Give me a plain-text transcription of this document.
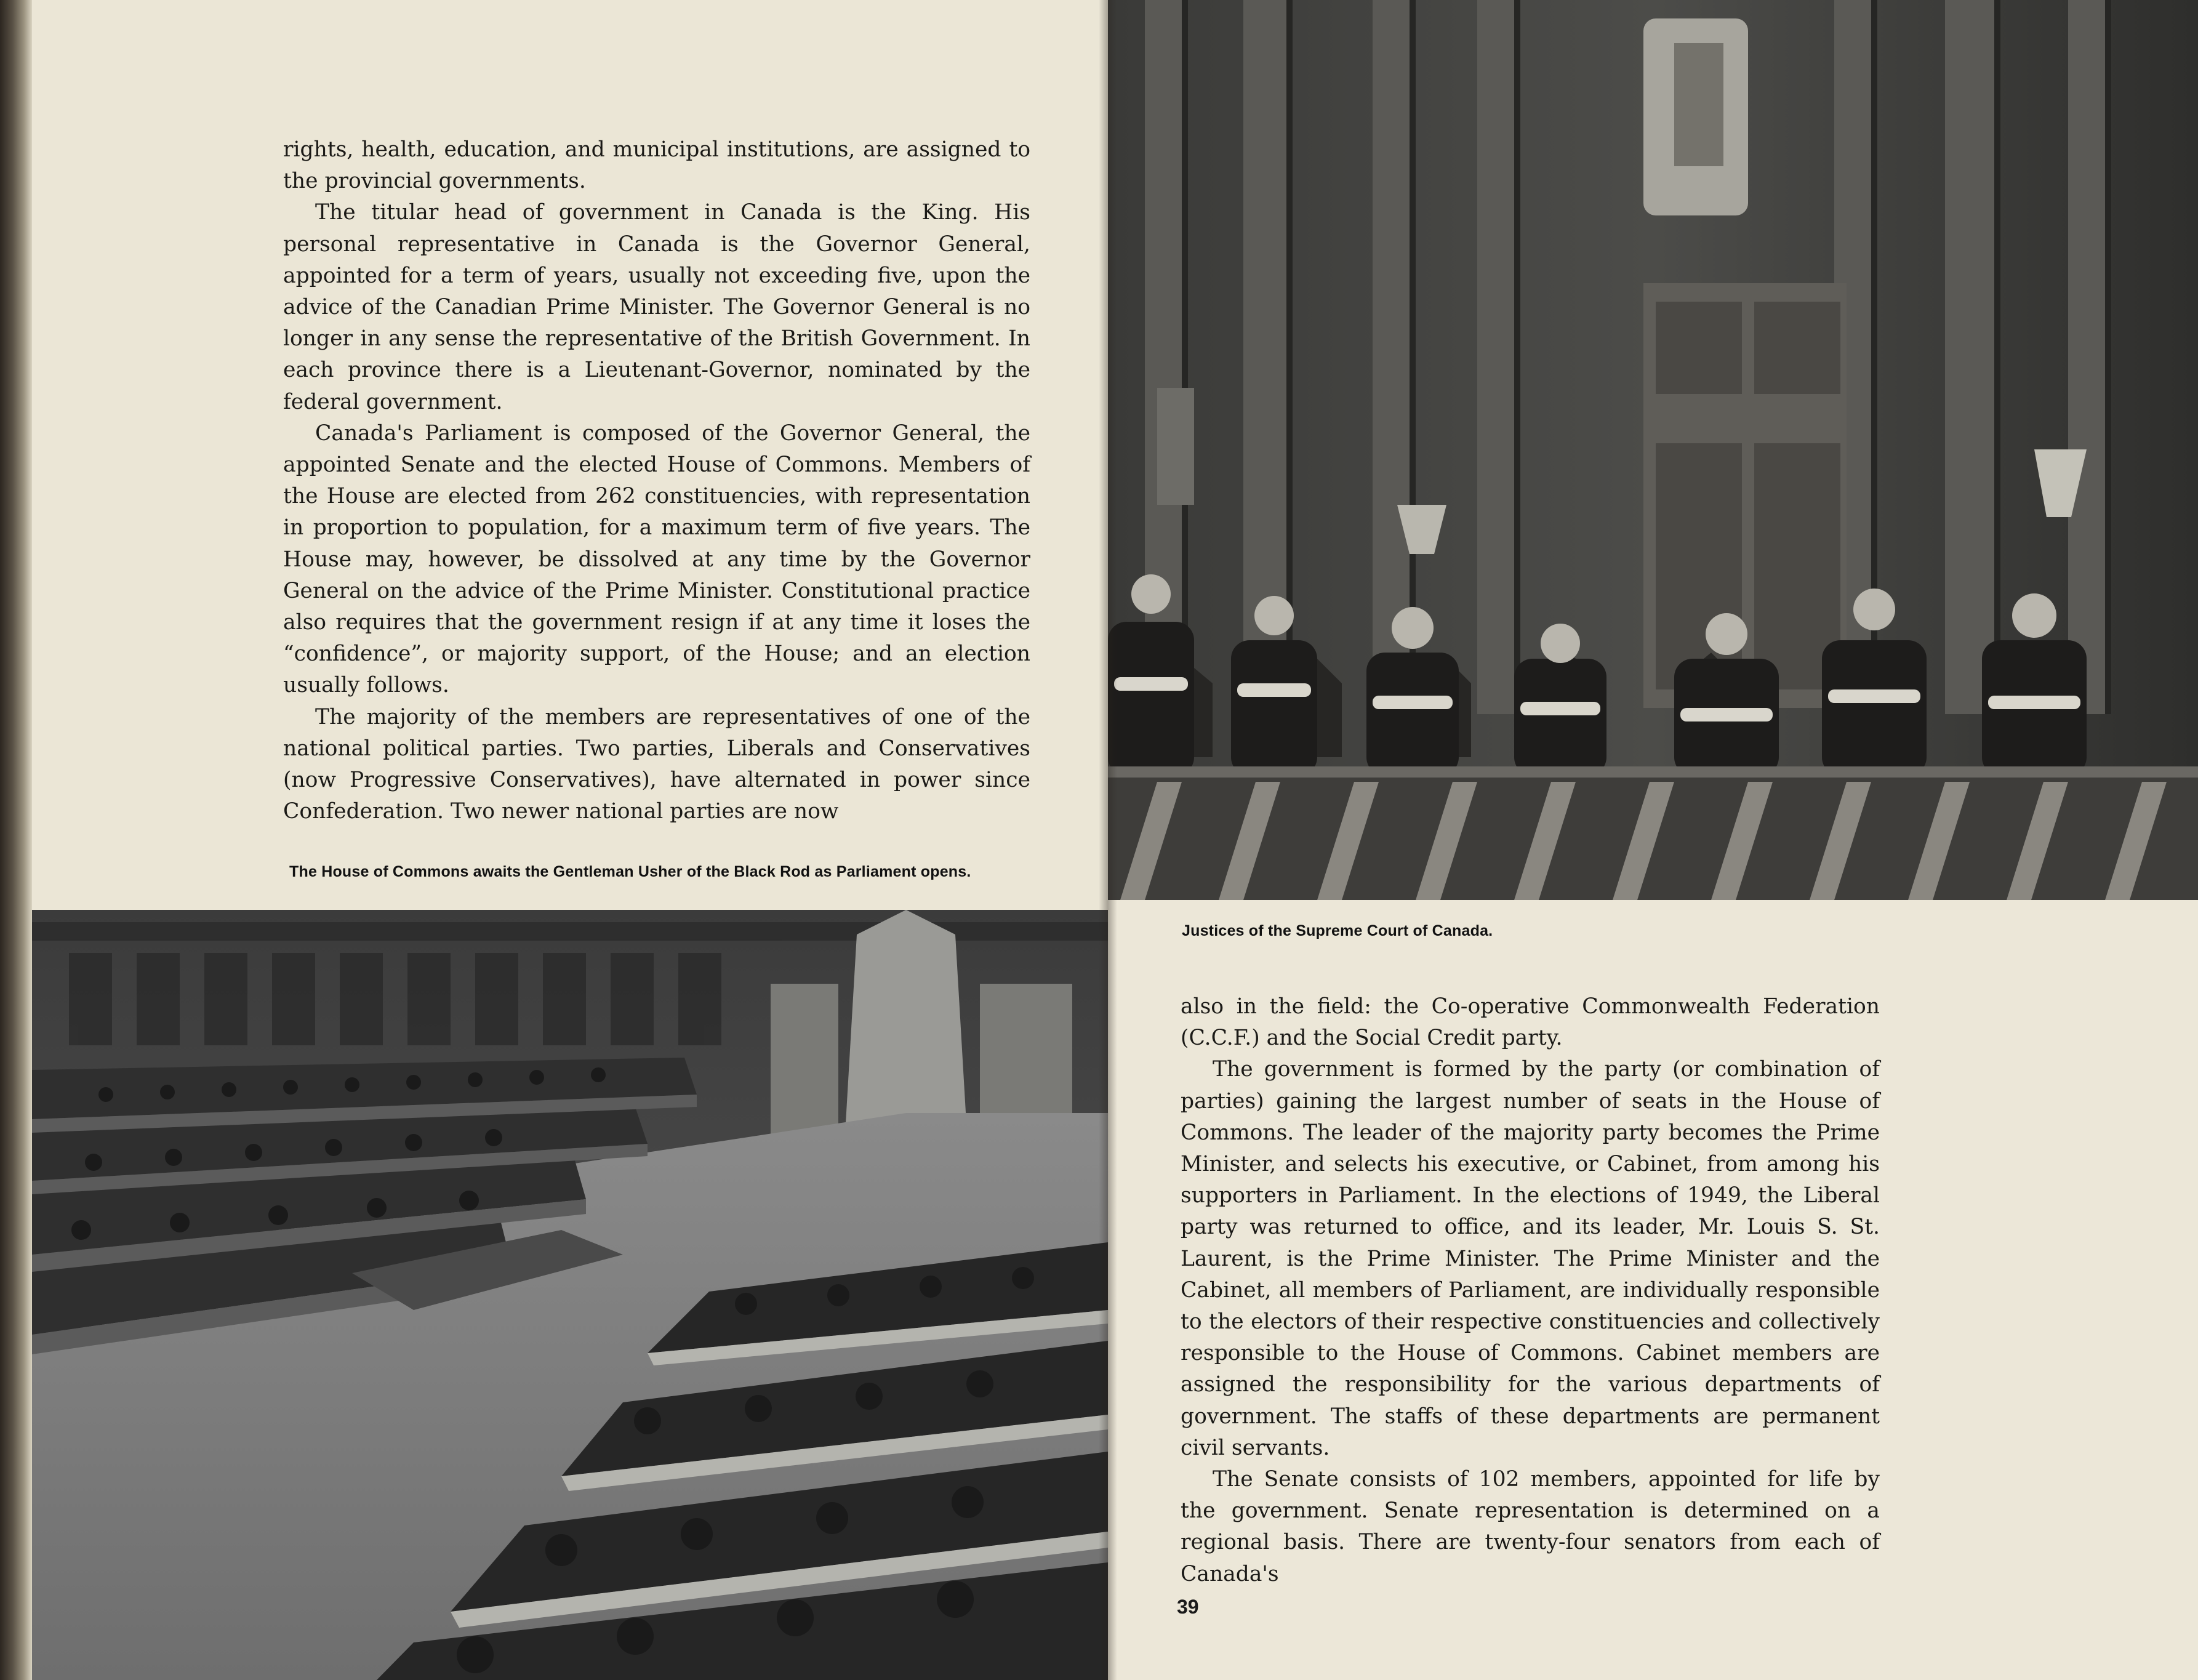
rights, health, education, and municipal institutions, are assigned to the provincial governments.

The titular head of government in Canada is the King. His personal representative in Canada is the Governor General, appointed for a term of years, usually not exceeding five, upon the advice of the Canadian Prime Minister. The Governor General is no longer in any sense the representative of the British Government. In each province there is a Lieutenant-Governor, nominated by the federal government.

Canada's Parliament is composed of the Governor General, the appointed Senate and the elected House of Commons. Members of the House are elected from 262 constituencies, with representation in proportion to population, for a maximum term of five years. The House may, however, be dissolved at any time by the Governor General on the advice of the Prime Minister. Constitutional practice also requires that the government resign if at any time it loses the “confidence”, or majority support, of the House; and an election usually follows.

The majority of the members are representatives of one of the national political parties. Two parties, Liberals and Conservatives (now Progressive Conservatives), have alternated in power since Confederation. Two newer national parties are now

The House of Commons awaits the Gentleman Usher of the Black Rod as Parliament opens.
Justices of the Supreme Court of Canada.

also in the field: the Co-operative Commonwealth Federation (C.C.F.) and the Social Credit party.

The government is formed by the party (or combination of parties) gaining the largest number of seats in the House of Commons. The leader of the majority party becomes the Prime Minister, and selects his executive, or Cabinet, from among his supporters in Parliament. In the elections of 1949, the Liberal party was returned to office, and its leader, Mr. Louis S. St. Laurent, is the Prime Minister. The Prime Minister and the Cabinet, all members of Parliament, are individually responsible to the electors of their respective constituencies and collectively responsible to the House of Commons. Cabinet members are assigned the responsibility for the various departments of government. The staffs of these departments are permanent civil servants.

The Senate consists of 102 members, appointed for life by the government. Senate representation is determined on a regional basis. There are twenty-four senators from each of Canada's

39
